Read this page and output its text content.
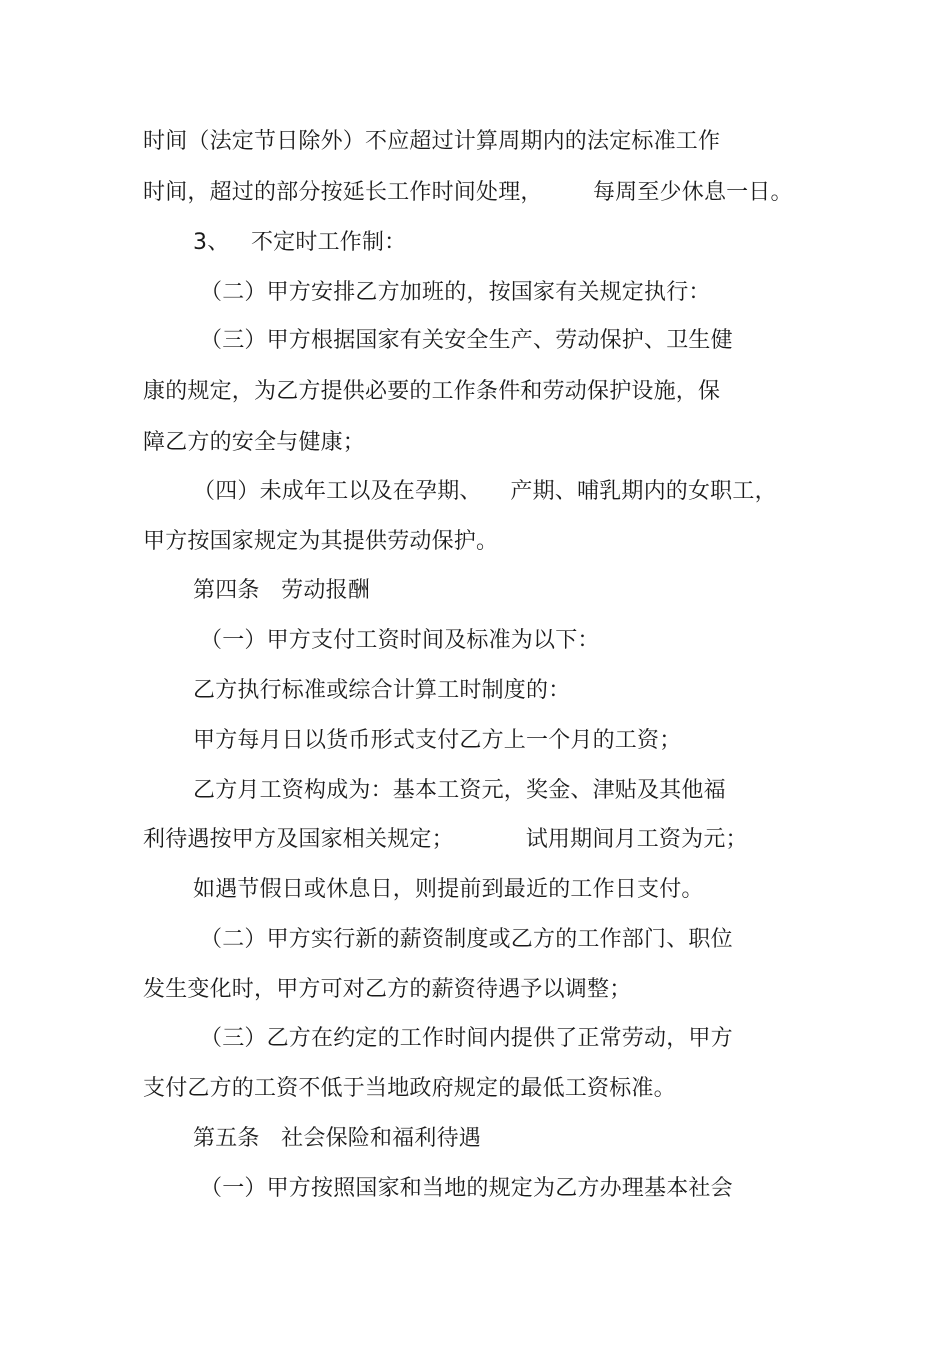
时间（法定节日除外）不应超过计算周期内的法定标准工作
时间，超过的部分按延长工作时间处理，       每周至少休息一日。
3、   不定时工作制：
（二）甲方安排乙方加班的，按国家有关规定执行：
（三）甲方根据国家有关安全生产、劳动保护、卫生健
康的规定，为乙方提供必要的工作条件和劳动保护设施，保
障乙方的安全与健康；
（四）未成年工以及在孕期、    产期、哺乳期内的女职工，
甲方按国家规定为其提供劳动保护。
第四条   劳动报酬
（一）甲方支付工资时间及标准为以下：
乙方执行标准或综合计算工时制度的：
甲方每月日以货币形式支付乙方上一个月的工资；
乙方月工资构成为：基本工资元，奖金、津贴及其他福
利待遇按甲方及国家相关规定；          试用期间月工资为元；
如遇节假日或休息日，则提前到最近的工作日支付。
（二）甲方实行新的薪资制度或乙方的工作部门、职位
发生变化时，甲方可对乙方的薪资待遇予以调整；
（三）乙方在约定的工作时间内提供了正常劳动，甲方
支付乙方的工资不低于当地政府规定的最低工资标准。
第五条   社会保险和福利待遇
（一）甲方按照国家和当地的规定为乙方办理基本社会
